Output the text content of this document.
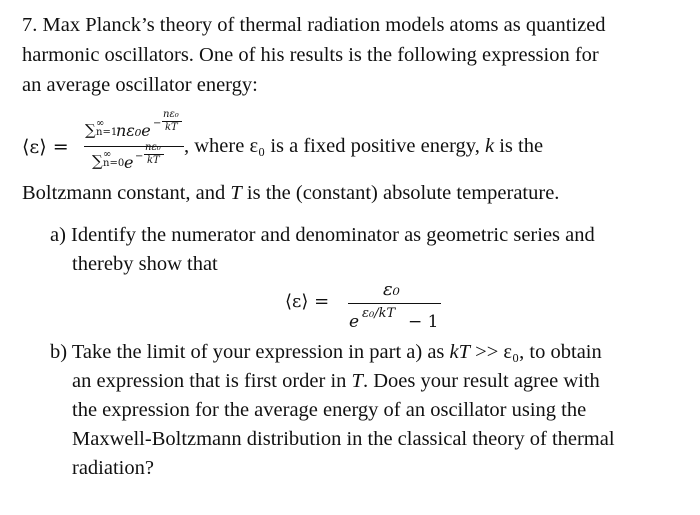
7. Max Planck’s theory of thermal radiation models atoms as quantized
harmonic oscillators. One of his results is the following expression for
an average oscillator energy:
⟨ε⟩ =
∑ ∞ n=1
nε₀e −
nε₀
kT
∑ ∞ n=0 e −
nε₀
kT
, where ε₀ is a fixed positive energy, k is the
Boltzmann constant, and T is the (constant) absolute temperature.
a) Identify the numerator and denominator as geometric series and
thereby show that
⟨ε⟩ =
ε₀
e ε₀/kT − 1
b) Take the limit of your expression in part a) as kT >> ε₀, to obtain
an expression that is first order in T. Does your result agree with
the expression for the average energy of an oscillator using the
Maxwell-Boltzmann distribution in the classical theory of thermal
radiation?
